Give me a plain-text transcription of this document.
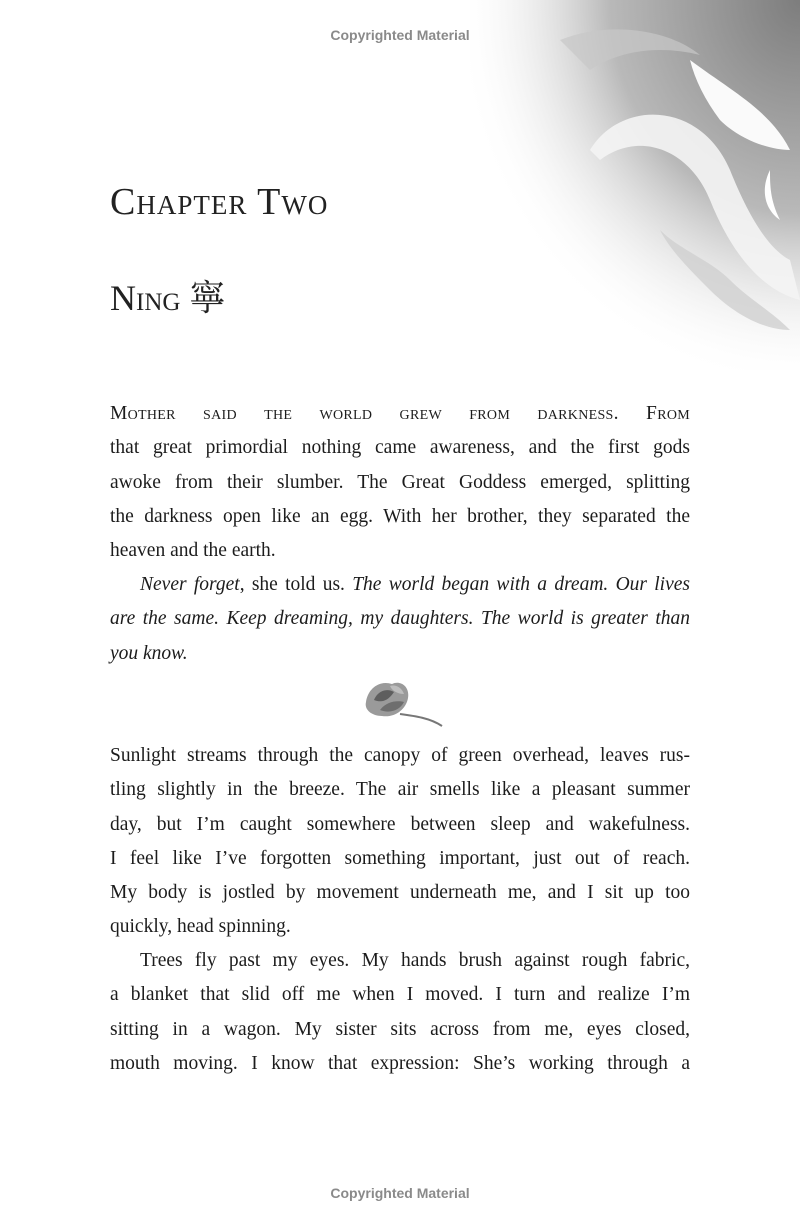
Copyrighted Material
Chapter Two
Ning 寧
Mother said the world grew from darkness. From
that great primordial nothing came awareness, and the first gods
awoke from their slumber. The Great Goddess emerged, splitting
the darkness open like an egg. With her brother, they separated the
heaven and the earth.
Never forget, she told us. The world began with a dream. Our lives
are the same. Keep dreaming, my daughters. The world is greater than
you know.
Sunlight streams through the canopy of green overhead, leaves rus-
tling slightly in the breeze. The air smells like a pleasant summer
day, but I’m caught somewhere between sleep and wakefulness.
I feel like I’ve forgotten something important, just out of reach.
My body is jostled by movement underneath me, and I sit up too
quickly, head spinning.
Trees fly past my eyes. My hands brush against rough fabric,
a blanket that slid off me when I moved. I turn and realize I’m
sitting in a wagon. My sister sits across from me, eyes closed,
mouth moving. I know that expression: She’s working through a
Copyrighted Material
